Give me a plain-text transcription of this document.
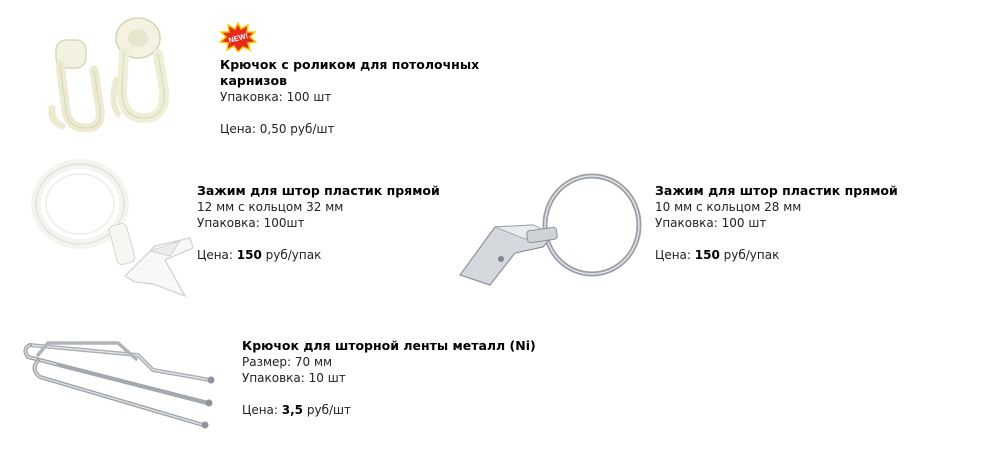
NEW!
Крючок с роликом для потолочных карнизов
Упаковка: 100 шт
Цена: 0,50 руб/шт
Зажим для штор пластик прямой
12 мм с кольцом 32 мм
Упаковка: 100шт
Цена: 150 руб/упак
Зажим для штор пластик прямой
10 мм с кольцом 28 мм
Упаковка: 100 шт
Цена: 150 руб/упак
Крючок для шторной ленты металл (Ni)
Размер: 70 мм
Упаковка: 10 шт
Цена: 3,5 руб/шт
